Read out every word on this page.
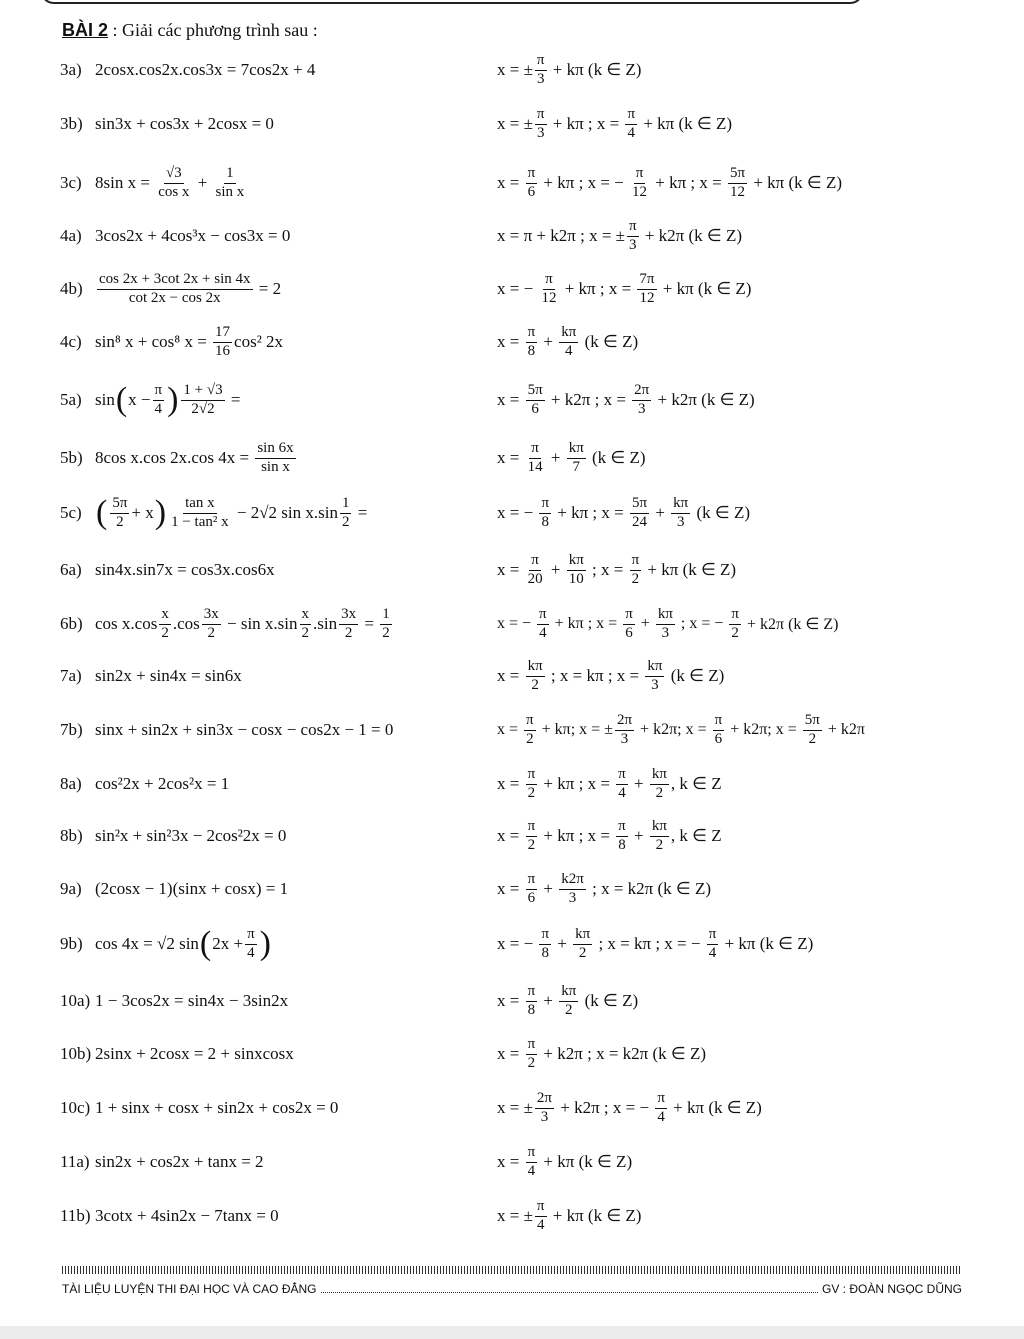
BÀI 2 : Giải các phương trình sau :
3a) 2cosx.cos2x.cos3x = 7cos2x + 4	x = ± $\frac{\pi}{3} + k\pi$ (k ∈ Z)
3b) sin3x + cos3x + 2cosx = 0	x = ± $\frac{\pi}{3} + k\pi$ ; $x = \frac{\pi}{4} + k\pi$ (k ∈ Z)
3c) 8sin $x = \frac{√3}{\text{cos x}} + \frac{1}{\text{sin x}}$	$x = \frac{\pi}{6} + k\pi$ ; x = − $\frac{\pi}{12} + k\pi$ ; $x = \frac{5\pi}{12} + k\pi$ (k ∈ Z)
4a) 3cos2x + 4cos³x − cos3x = 0	x = π + k2π ; x = ± $\frac{\pi}{3} + k2\pi$ (k ∈ Z)
$4b) \frac{\cos 2x + 3\cot 2x + \sin 4x}{\cot 2x - \cos 2x} = 2$	x = − $\frac{\pi}{12} + k\pi$ ; $x = \frac{7\pi}{12} + k\pi$ (k ∈ Z)
4c) sin⁸ x + cos⁸ $x = \frac{17}{16} \cos^2$ 2x	$x = \frac{\pi}{8} + \frac{k\pi}{4} (k$ ∈ Z)
5a) sin ( $x - \frac{\pi}{4}$ ) $\frac{1 + √3}{2√2}$ =	$x = \frac{5\pi}{6} + k2\pi$ ; $x = \frac{2\pi}{3} + k2\pi$ (k ∈ Z)
5b) 8cos x.cos 2x.cos $4x = \frac{\sin 6x}{\text{sin x}}$	$x = \frac{\pi}{14} + \frac{k\pi}{7} (k$ ∈ Z)
5c) ( $\frac{5\pi}{2} + x$ ) $\frac{\text{tan x}}{\text{1 − tan² x}} - 2√2$ $\sin x.\sin \frac{1}{2}$ =	x = − $\frac{\pi}{8} + k\pi$ ; $x = \frac{5\pi}{24} + \frac{k\pi}{3} (k$ ∈ Z)
6a) sin4x.sin7x = cos3x.cos6x	$x = \frac{\pi}{20} + \frac{k\pi}{10}$ ; $x = \frac{\pi}{2} + k\pi$ (k ∈ Z)
6b) $\cos x.\cos \frac{x}{2} .\cos \frac{3x}{2} - \sin x.\sin \frac{x}{2} .\sin \frac{3x}{2} = \frac{1}{2}$	x = − $\frac{\pi}{4} + k\pi$ ; $x = \frac{\pi}{6} + \frac{k\pi}{3}$ ; x = − $\frac{\pi}{2} + k2\pi$ (k ∈ Z)
7a) sin2x + sin4x = sin6x	$x = \frac{k\pi}{2}$ ; x = kπ ; $x = \frac{k\pi}{3} (k$ ∈ Z)
7b) sinx + sin2x + sin3x − cosx − cos2x − 1 = 0	$x = \frac{\pi}{2} + k\pi$; x = ± $\frac{2\pi}{3} + k2\pi$; $x = \frac{\pi}{6} + k2\pi$; $x = \frac{5\pi}{2} + k2\pi$
8a) cos²2x + 2cos²x = 1	$x = \frac{\pi}{2} + k\pi$ ; $x = \frac{\pi}{4} + \frac{k\pi}{2}$ , k ∈ Z
8b) sin²x + sin²3x − 2cos²2x = 0	$x = \frac{\pi}{2} + k\pi$ ; $x = \frac{\pi}{8} + \frac{k\pi}{2}$ , k ∈ Z
9a) (2cosx − 1)(sinx + cosx) = 1	$x = \frac{\pi}{6} + \frac{k2\pi}{3}$ ; x = k2π (k ∈ Z)
9b) cos 4x = √2 sin ( $2x + \frac{\pi}{4}$ )	x = − $\frac{\pi}{8} + \frac{k\pi}{2}$ ; x = kπ ; x = − $\frac{\pi}{4} + k\pi$ (k ∈ Z)
10a) 1 − 3cos2x = sin4x − 3sin2x	$x = \frac{\pi}{8} + \frac{k\pi}{2} (k$ ∈ Z)
10b) 2sinx + 2cosx = 2 + sinxcosx	$x = \frac{\pi}{2} + k2\pi$ ; x = k2π (k ∈ Z)
10c) 1 + sinx + cosx + sin2x + cos2x = 0	x = ± $\frac{2\pi}{3} + k2\pi$ ; x = − $\frac{\pi}{4} + k\pi$ (k ∈ Z)
11a) sin2x + cos2x + tanx = 2	$x = \frac{\pi}{4} + k\pi$ (k ∈ Z)
11b) 3cotx + 4sin2x − 7tanx = 0	x = ± $\frac{\pi}{4} + k\pi$ (k ∈ Z)
TÀI LIỆU LUYỆN THI ĐẠI HỌC VÀ CAO ĐẲNG	GV : ĐOÀN NGỌC DŨNG
